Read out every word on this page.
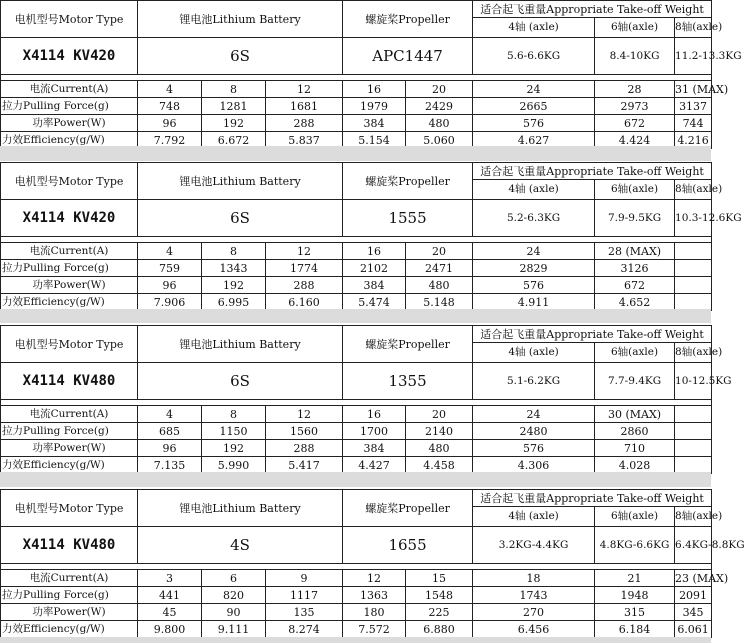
电机型号Motor Type	锂电池Lithium Battery			螺旋桨Propeller		适合起飞重量Appropriate Take-off Weight		
						4轴 (axle)	6轴(axle)	8轴(axle)
X4114 KV420	6S			APC1447		5.6-6.6KG	8.4-10KG	11.2-13.3KG

电流Current(A)	4	8	12	16	20	24	28	31 (MAX)
拉力Pulling Force(g)	748	1281	1681	1979	2429	2665	2973	3137
功率Power(W)	96	192	288	384	480	576	672	744
力效Efficiency(g/W)	7.792	6.672	5.837	5.154	5.060	4.627	4.424	4.216
电机型号Motor Type	锂电池Lithium Battery			螺旋桨Propeller		适合起飞重量Appropriate Take-off Weight		
						4轴 (axle)	6轴(axle)	8轴(axle)
X4114 KV420	6S			1555		5.2-6.3KG	7.9-9.5KG	10.3-12.6KG

电流Current(A)	4	8	12	16	20	24	28 (MAX)	
拉力Pulling Force(g)	759	1343	1774	2102	2471	2829	3126	
功率Power(W)	96	192	288	384	480	576	672	
力效Efficiency(g/W)	7.906	6.995	6.160	5.474	5.148	4.911	4.652	
电机型号Motor Type	锂电池Lithium Battery			螺旋桨Propeller		适合起飞重量Appropriate Take-off Weight		
						4轴 (axle)	6轴(axle)	8轴(axle)
X4114 KV480	6S			1355		5.1-6.2KG	7.7-9.4KG	10-12.5KG

电流Current(A)	4	8	12	16	20	24	30 (MAX)	
拉力Pulling Force(g)	685	1150	1560	1700	2140	2480	2860	
功率Power(W)	96	192	288	384	480	576	710	
力效Efficiency(g/W)	7.135	5.990	5.417	4.427	4.458	4.306	4.028	
电机型号Motor Type	锂电池Lithium Battery			螺旋桨Propeller		适合起飞重量Appropriate Take-off Weight		
						4轴 (axle)	6轴(axle)	8轴(axle)
X4114 KV480	4S			1655		3.2KG-4.4KG	4.8KG-6.6KG	6.4KG-8.8KG

电流Current(A)	3	6	9	12	15	18	21	23 (MAX)
拉力Pulling Force(g)	441	820	1117	1363	1548	1743	1948	2091
功率Power(W)	45	90	135	180	225	270	315	345
力效Efficiency(g/W)	9.800	9.111	8.274	7.572	6.880	6.456	6.184	6.061
